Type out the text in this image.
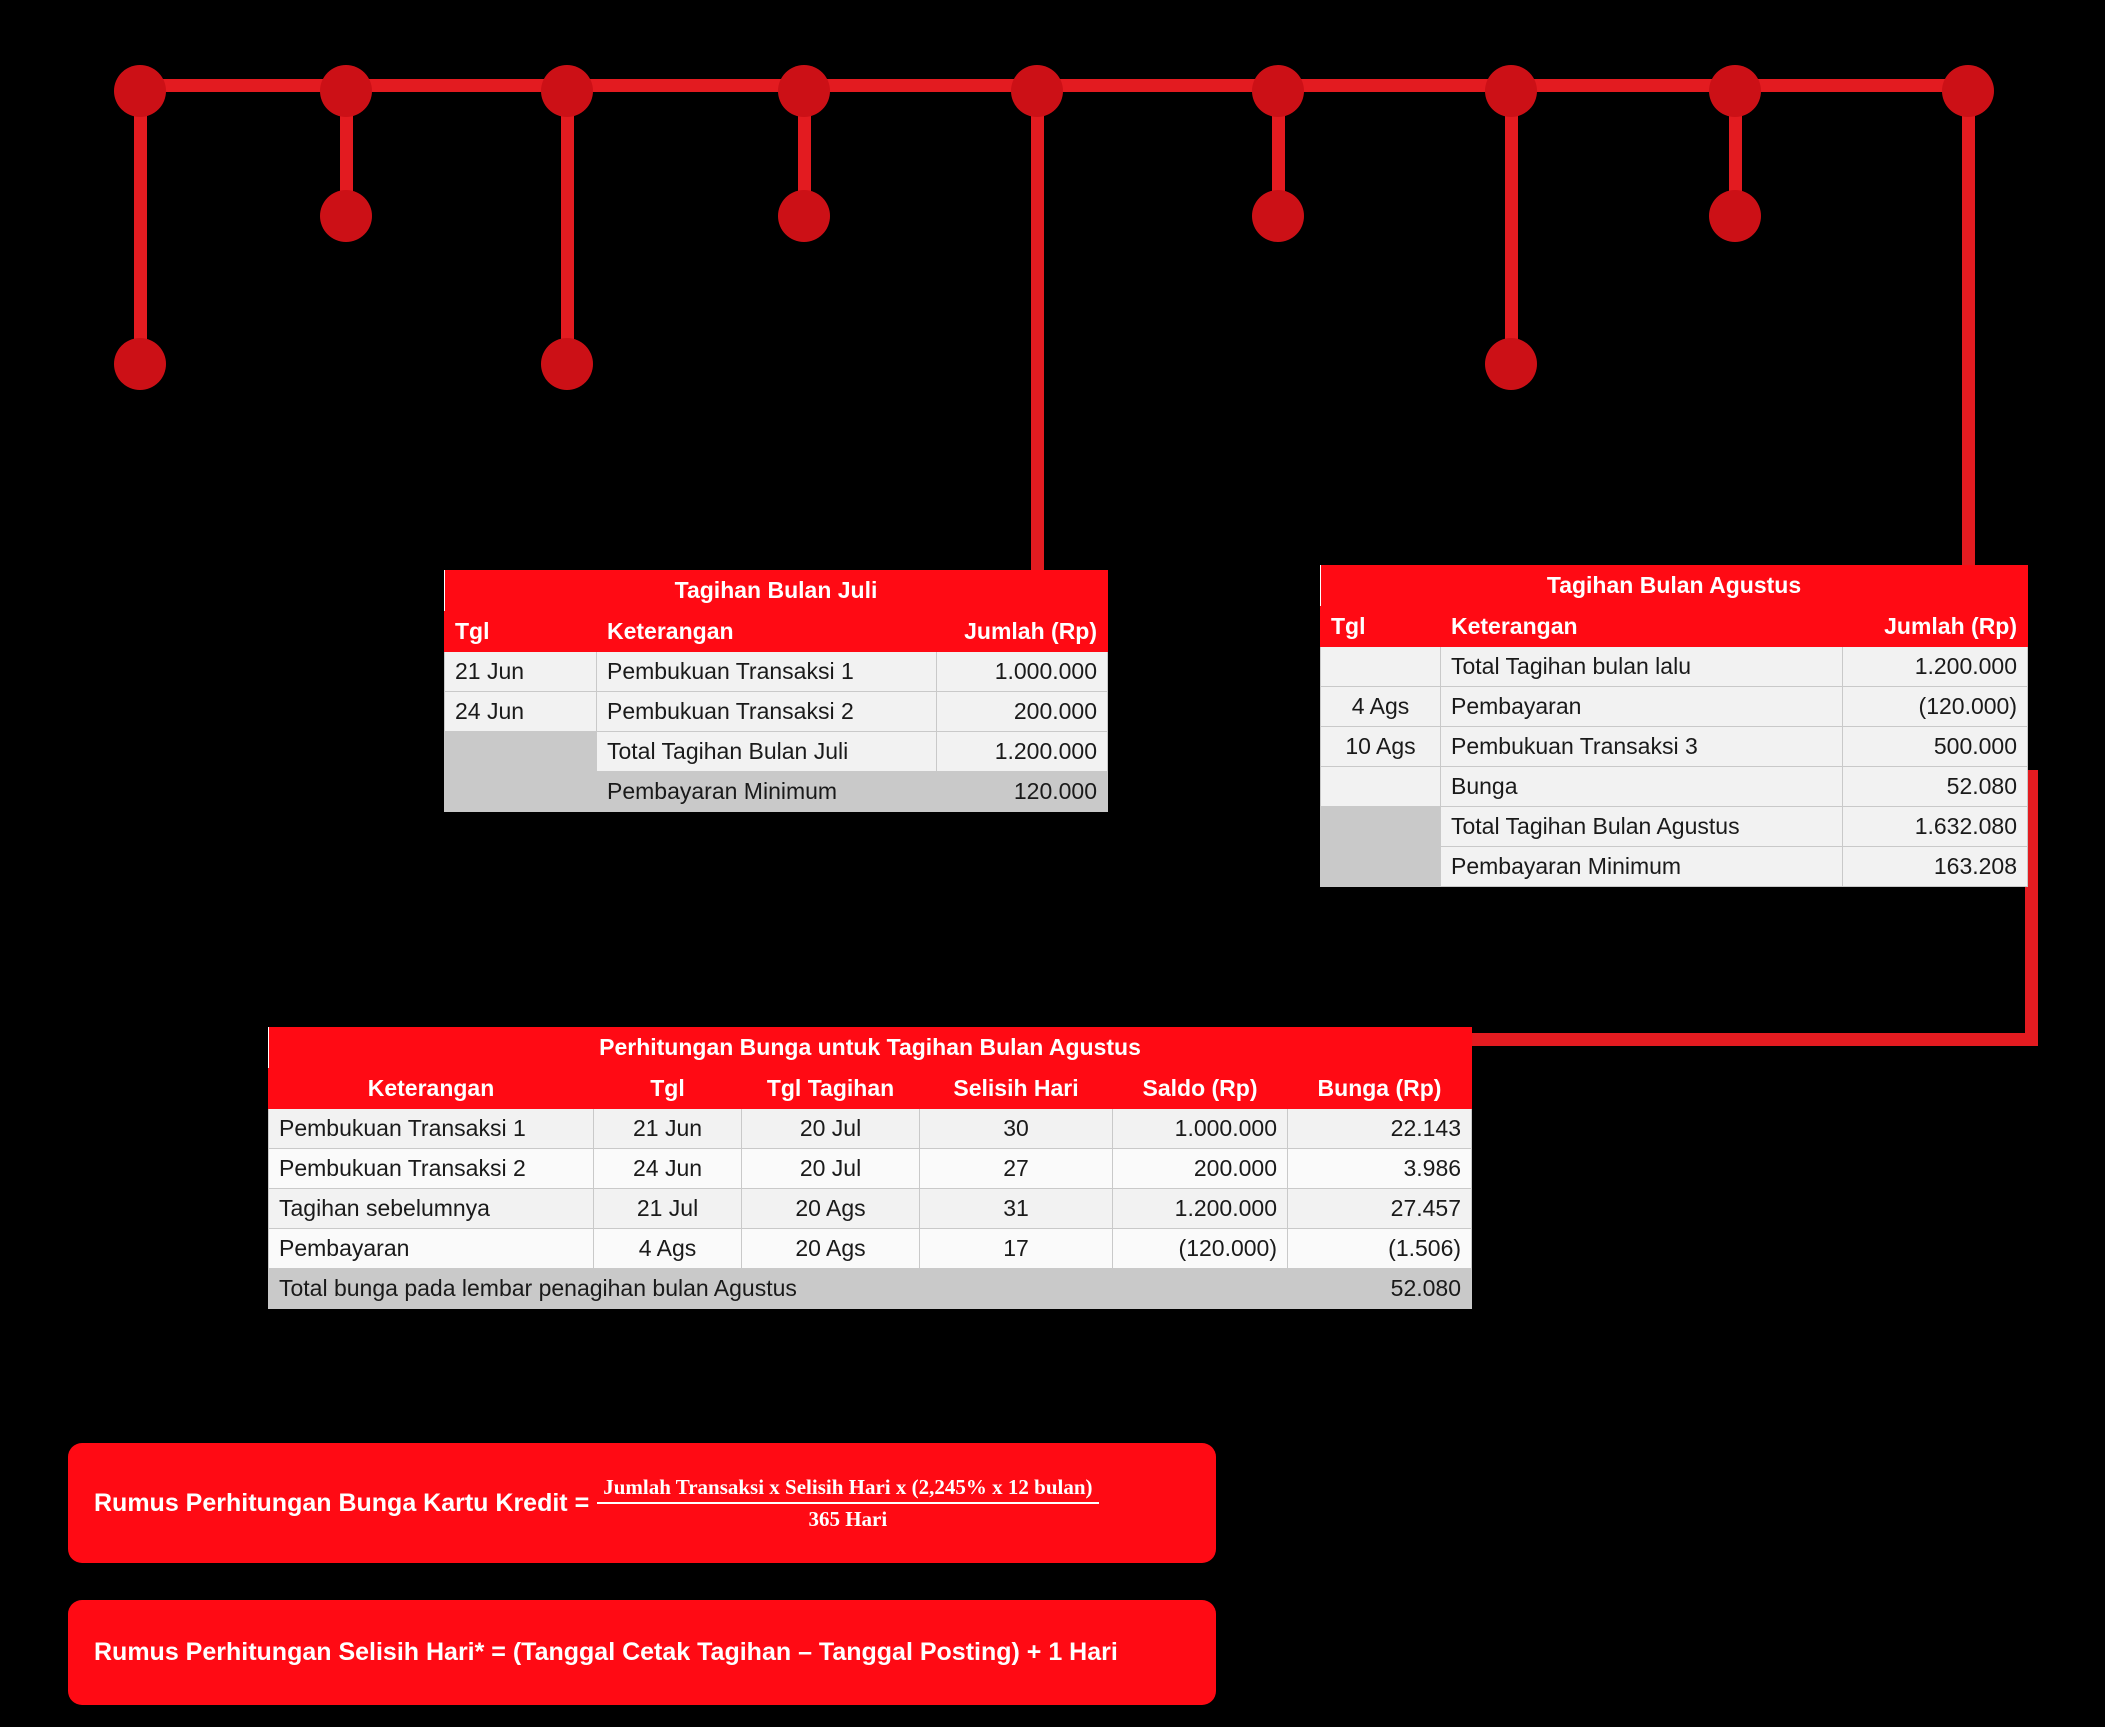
Tagihan Bulan Juli		
Tgl	Keterangan	Jumlah (Rp)
21 Jun	Pembukuan Transaksi 1	1.000.000
24 Jun	Pembukuan Transaksi 2	200.000
	Total Tagihan Bulan Juli	1.200.000
	Pembayaran Minimum	120.000
Tagihan Bulan Agustus		
Tgl	Keterangan	Jumlah (Rp)
	Total Tagihan bulan lalu	1.200.000
4 Ags	Pembayaran	(120.000)
10 Ags	Pembukuan Transaksi 3	500.000
	Bunga	52.080
	Total Tagihan Bulan Agustus	1.632.080
	Pembayaran Minimum	163.208
Perhitungan Bunga untuk Tagihan Bulan Agustus					
Keterangan	Tgl	Tgl Tagihan	Selisih Hari	Saldo (Rp)	Bunga (Rp)
Pembukuan Transaksi 1	21 Jun	20 Jul	30	1.000.000	22.143
Pembukuan Transaksi 2	24 Jun	20 Jul	27	200.000	3.986
Tagihan sebelumnya	21 Jul	20 Ags	31	1.200.000	27.457
Pembayaran	4 Ags	20 Ags	17	(120.000)	(1.506)
Total bunga pada lembar penagihan bulan Agustus					52.080
Rumus Perhitungan Bunga Kartu Kredit = $\frac{\text{Jumlah Transaksi x Selisih Hari x (2,245\% x 12 bulan)}}{\text{365 Hari}}$
Rumus Perhitungan Selisih Hari* = (Tanggal Cetak Tagihan – Tanggal Posting) + 1 Hari
